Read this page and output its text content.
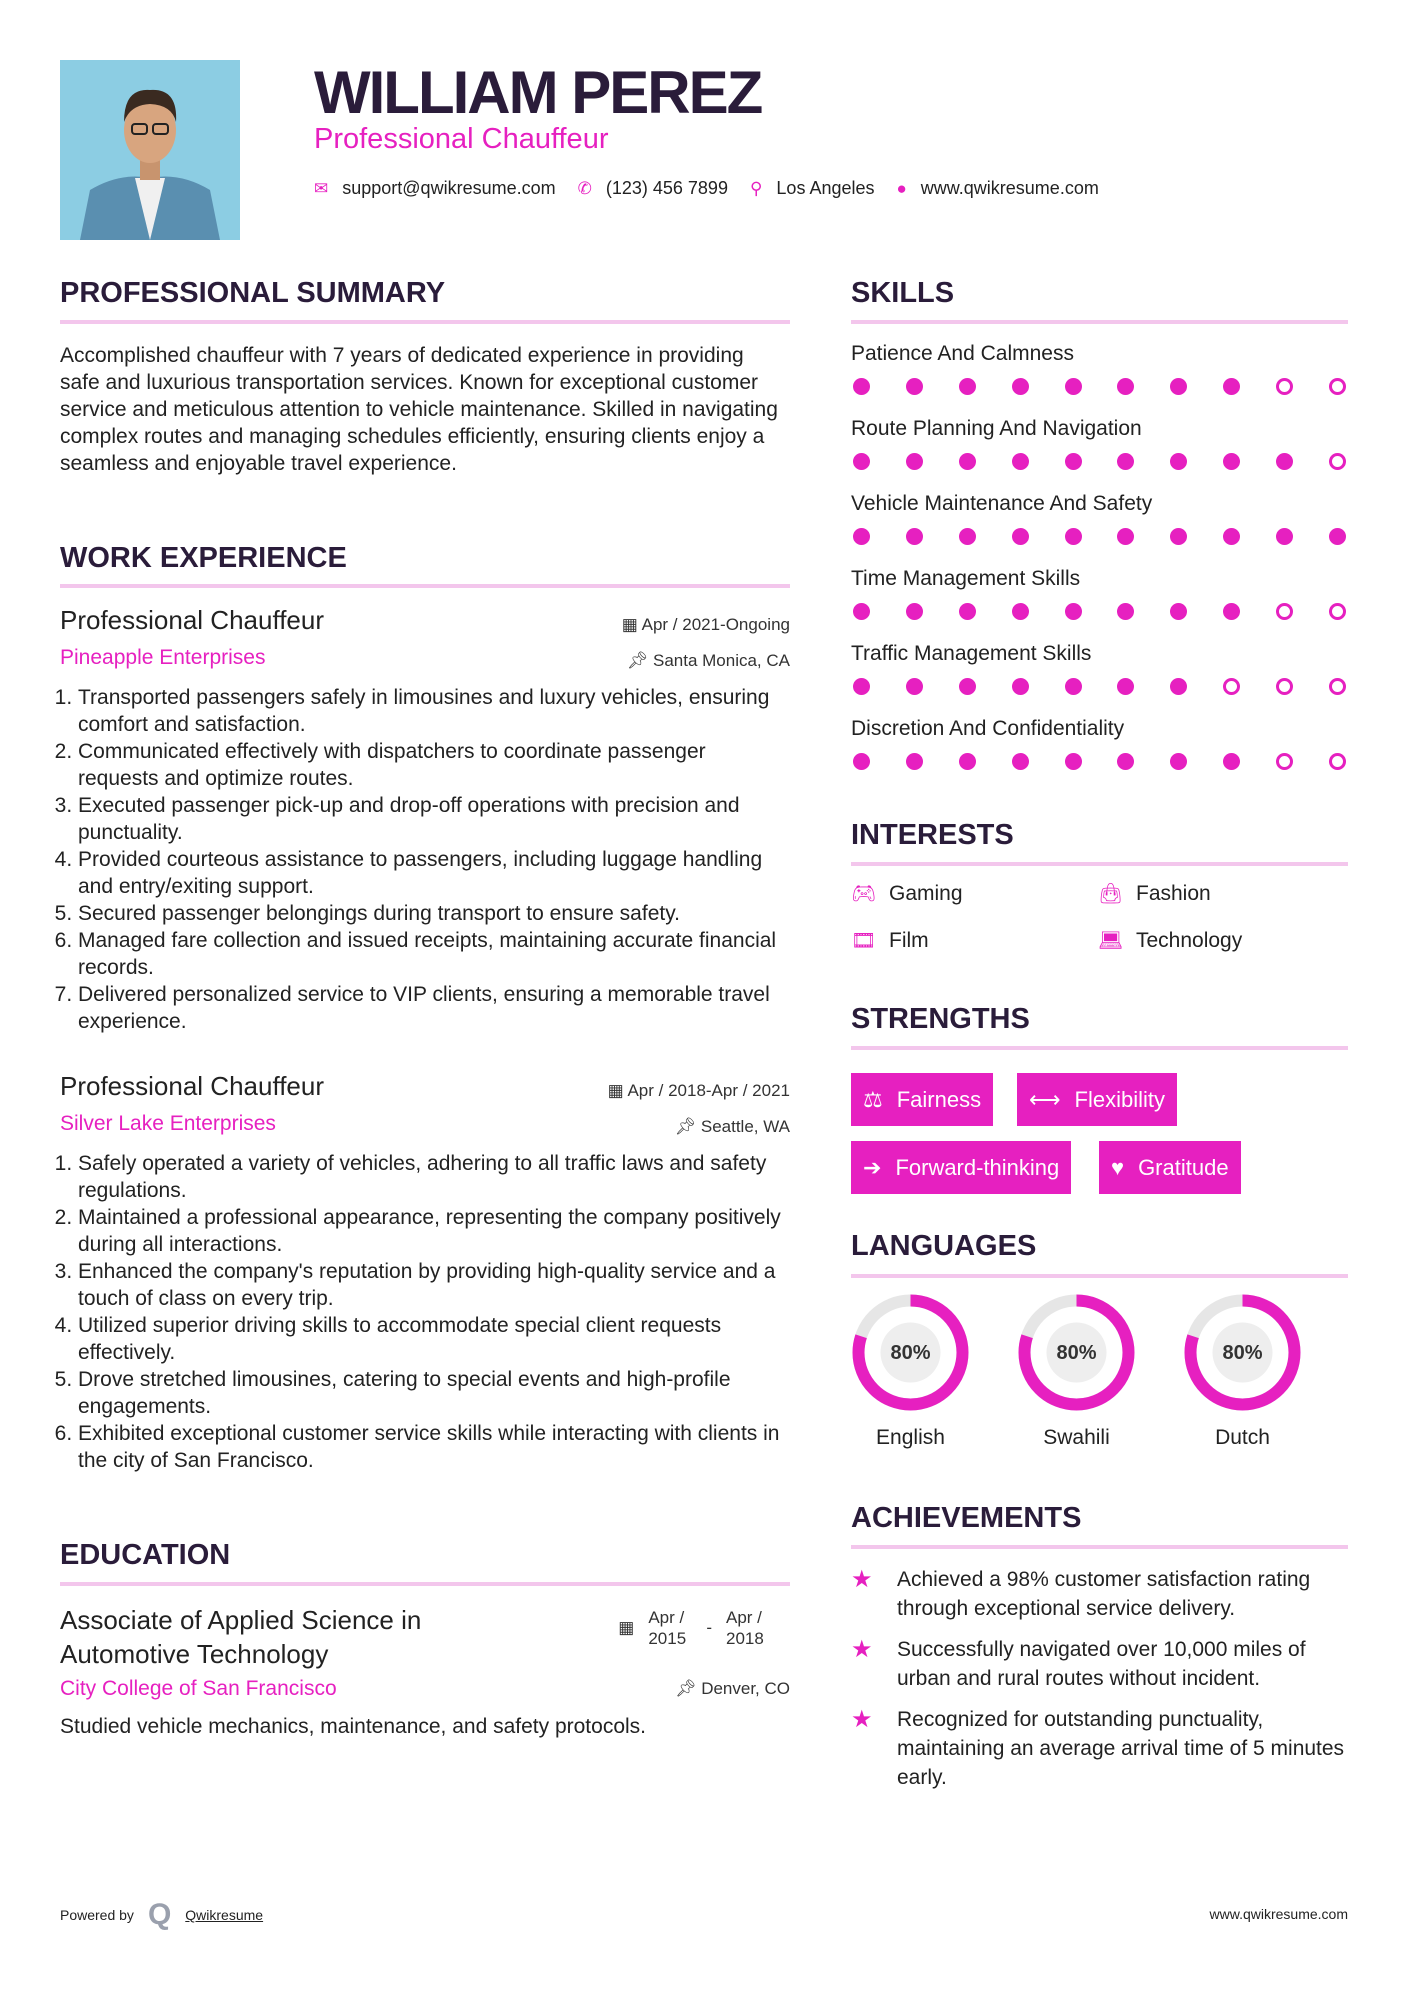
WILLIAM PEREZ
Professional Chauffeur
✉ support@qwikresume.com ✆ (123) 456 7899 ⚲ Los Angeles ● www.qwikresume.com
PROFESSIONAL SUMMARY
Accomplished chauffeur with 7 years of dedicated experience in providing safe and luxurious transportation services. Known for exceptional customer service and meticulous attention to vehicle maintenance. Skilled in navigating complex routes and managing schedules efficiently, ensuring clients enjoy a seamless and enjoyable travel experience.
WORK EXPERIENCE
Professional Chauffeur	▦ Apr / 2021-Ongoing
Pineapple Enterprises	📌︎ Santa Monica, CA
1. Transported passengers safely in limousines and luxury vehicles, ensuring comfort and satisfaction.
2. Communicated effectively with dispatchers to coordinate passenger requests and optimize routes.
3. Executed passenger pick-up and drop-off operations with precision and punctuality.
4. Provided courteous assistance to passengers, including luggage handling and entry/exiting support.
5. Secured passenger belongings during transport to ensure safety.
6. Managed fare collection and issued receipts, maintaining accurate financial records.
7. Delivered personalized service to VIP clients, ensuring a memorable travel experience.
Professional Chauffeur	▦ Apr / 2018-Apr / 2021
Silver Lake Enterprises	📌︎ Seattle, WA
1. Safely operated a variety of vehicles, adhering to all traffic laws and safety regulations.
2. Maintained a professional appearance, representing the company positively during all interactions.
3. Enhanced the company's reputation by providing high-quality service and a touch of class on every trip.
4. Utilized superior driving skills to accommodate special client requests effectively.
5. Drove stretched limousines, catering to special events and high-profile engagements.
6. Exhibited exceptional customer service skills while interacting with clients in the city of San Francisco.
EDUCATION
Associate of Applied Science in Automotive Technology
▦
Apr / 2015
-
Apr / 2018
City College of San Francisco	📌︎ Denver, CO
Studied vehicle mechanics, maintenance, and safety protocols.
SKILLS
Patience And Calmness
Route Planning And Navigation
Vehicle Maintenance And Safety
Time Management Skills
Traffic Management Skills
Discretion And Confidentiality
INTERESTS
🎮︎ Gaming	👜︎ Fashion
🎞︎ Film	💻︎ Technology
STRENGTHS
⚖ Fairness ⟷ Flexibility
➔ Forward-thinking ♥ Gratitude
LANGUAGES
80%
English
80%
Swahili
80%
Dutch
ACHIEVEMENTS
★	Achieved a 98% customer satisfaction rating through exceptional service delivery.
★	Successfully navigated over 10,000 miles of urban and rural routes without incident.
★	Recognized for outstanding punctuality, maintaining an average arrival time of 5 minutes early.
Powered by Q Qwikresume	www.qwikresume.com
